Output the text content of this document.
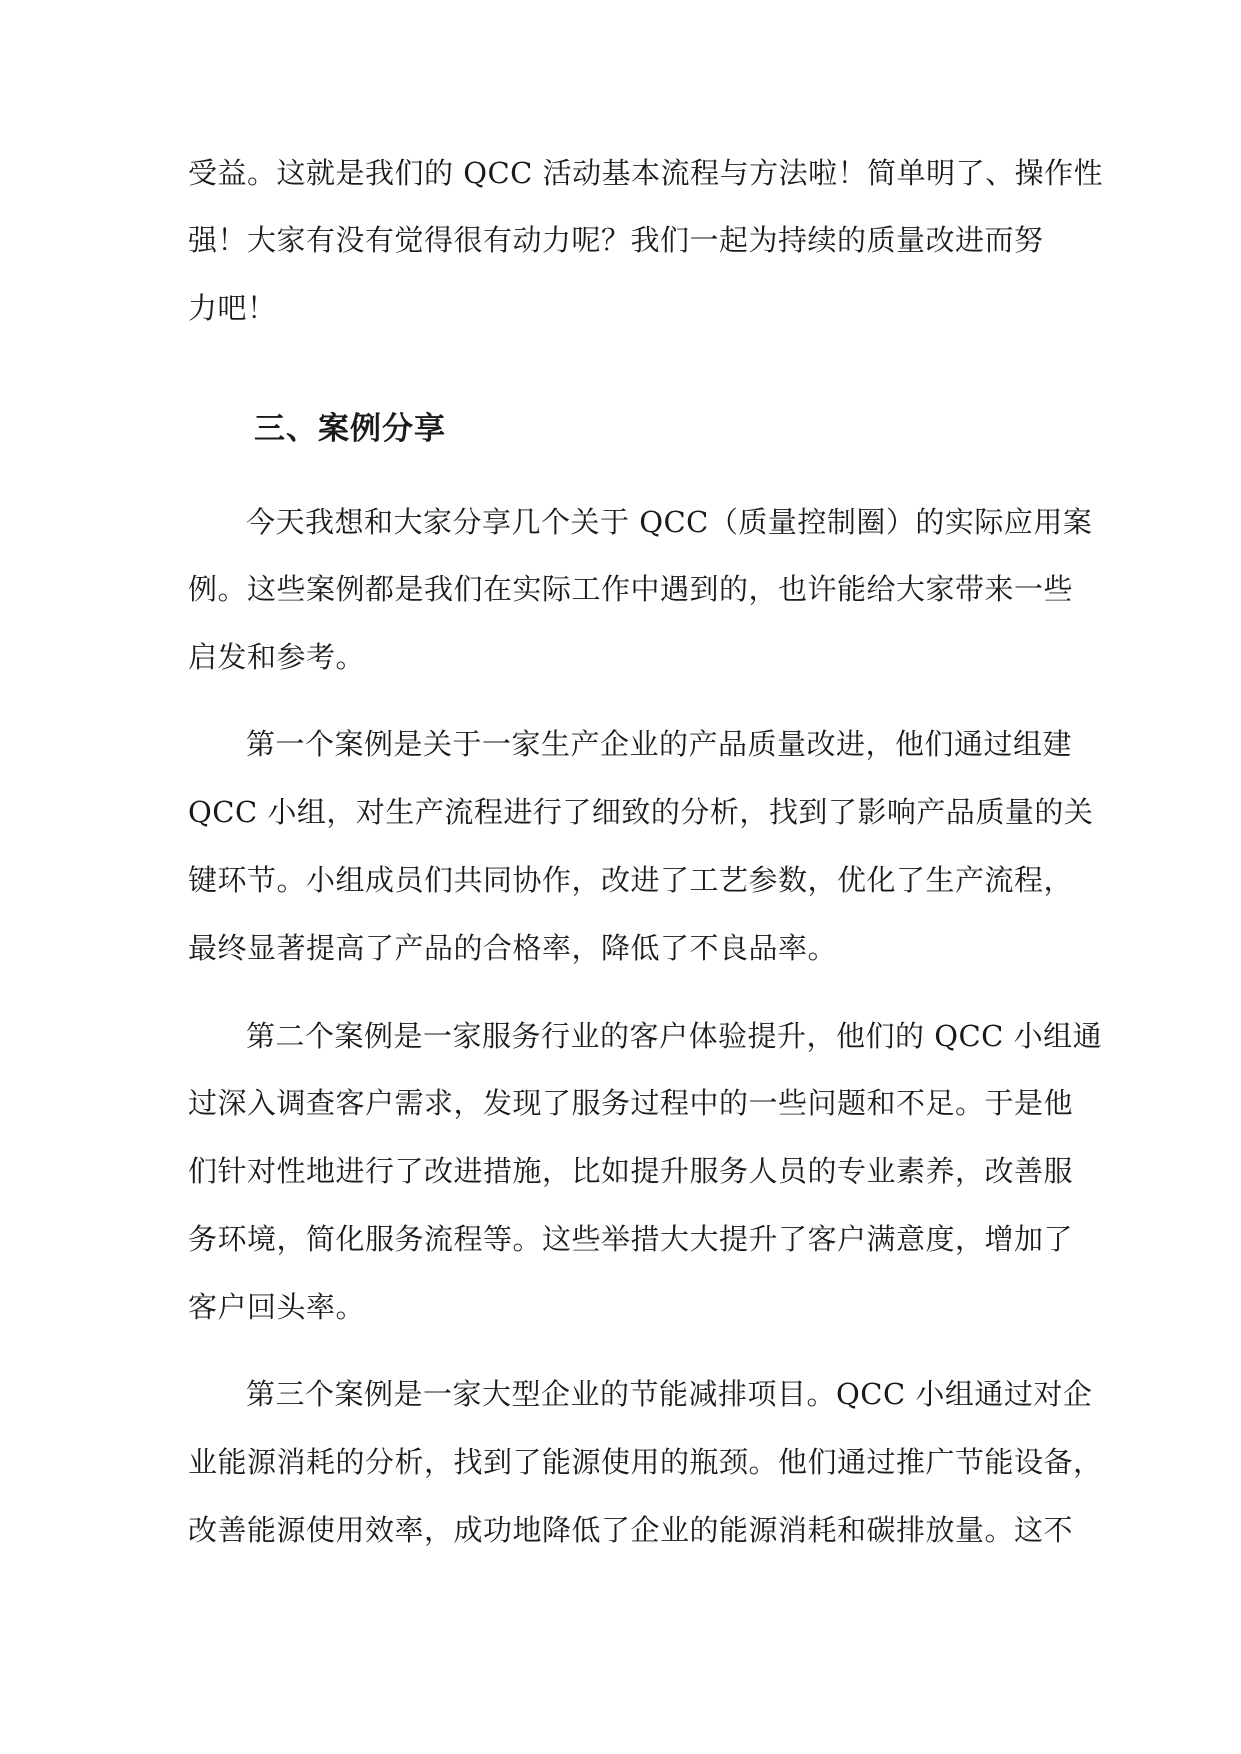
受益。这就是我们的 QCC 活动基本流程与方法啦！简单明了、操作性
强！大家有没有觉得很有动力呢？我们一起为持续的质量改进而努
力吧！
三、案例分享
今天我想和大家分享几个关于 QCC（质量控制圈）的实际应用案
例。这些案例都是我们在实际工作中遇到的，也许能给大家带来一些
启发和参考。
第一个案例是关于一家生产企业的产品质量改进，他们通过组建
QCC 小组，对生产流程进行了细致的分析，找到了影响产品质量的关
键环节。小组成员们共同协作，改进了工艺参数，优化了生产流程，
最终显著提高了产品的合格率，降低了不良品率。
第二个案例是一家服务行业的客户体验提升，他们的 QCC 小组通
过深入调查客户需求，发现了服务过程中的一些问题和不足。于是他
们针对性地进行了改进措施，比如提升服务人员的专业素养，改善服
务环境，简化服务流程等。这些举措大大提升了客户满意度，增加了
客户回头率。
第三个案例是一家大型企业的节能减排项目。QCC 小组通过对企
业能源消耗的分析，找到了能源使用的瓶颈。他们通过推广节能设备，
改善能源使用效率，成功地降低了企业的能源消耗和碳排放量。这不
